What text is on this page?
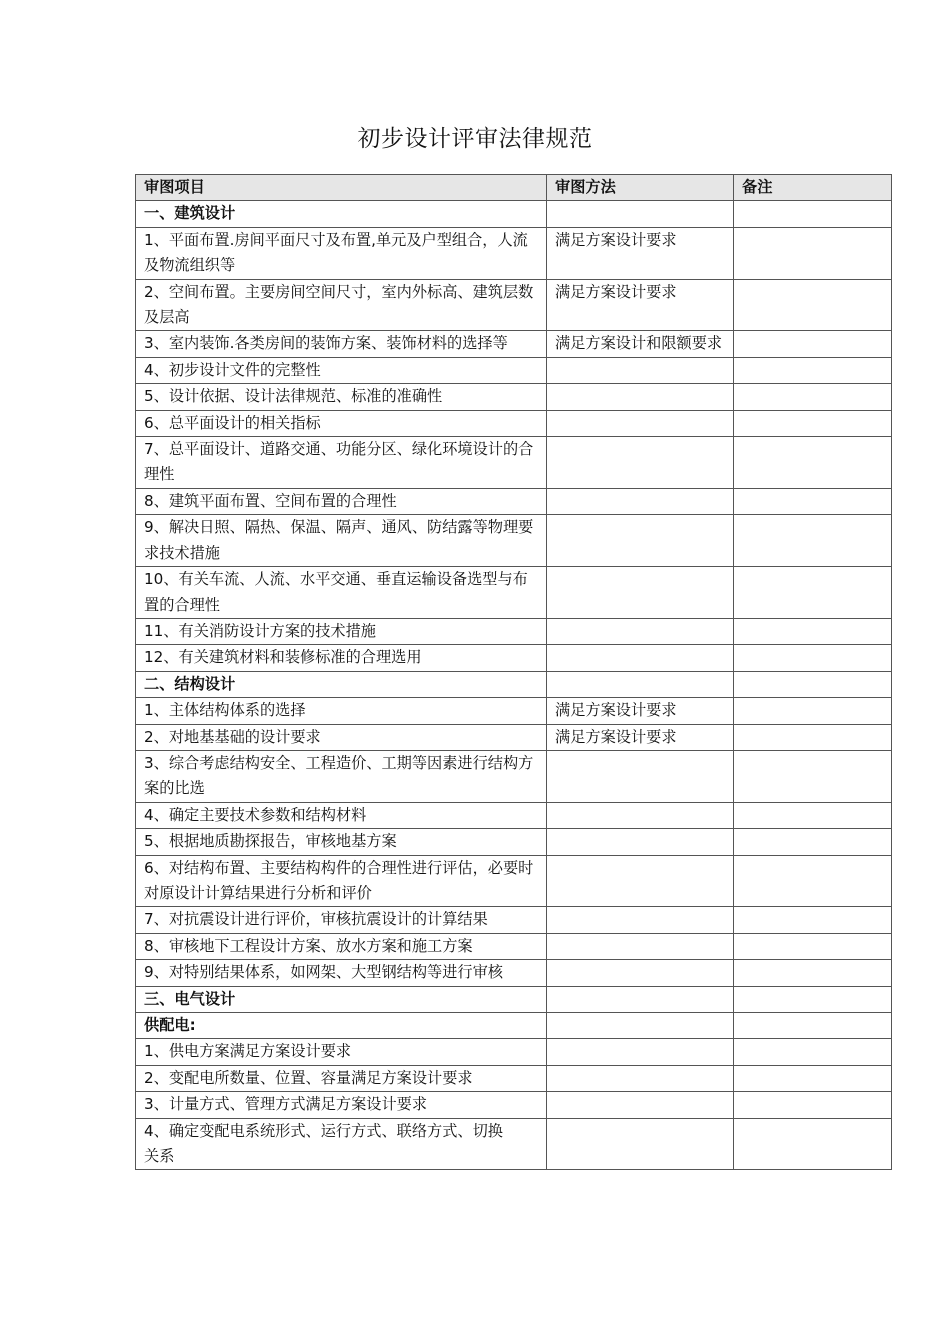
初步设计评审法律规范
审图项目	审图方法	备注
一、建筑设计		
1、平面布置.房间平面尺寸及布置,单元及户型组合，人流及物流组织等	满足方案设计要求	
2、空间布置。主要房间空间尺寸，室内外标高、建筑层数及层高	满足方案设计要求	
3、室内装饰.各类房间的装饰方案、装饰材料的选择等	满足方案设计和限额要求	
4、初步设计文件的完整性		
5、设计依据、设计法律规范、标准的准确性		
6、总平面设计的相关指标		
7、总平面设计、道路交通、功能分区、绿化环境设计的合理性		
8、建筑平面布置、空间布置的合理性		
9、解决日照、隔热、保温、隔声、通风、防结露等物理要求技术措施		
10、有关车流、人流、水平交通、垂直运输设备选型与布置的合理性		
11、有关消防设计方案的技术措施		
12、有关建筑材料和装修标准的合理选用		
二、结构设计		
1、主体结构体系的选择	满足方案设计要求	
2、对地基基础的设计要求	满足方案设计要求	
3、综合考虑结构安全、工程造价、工期等因素进行结构方案的比选		
4、确定主要技术参数和结构材料		
5、根据地质勘探报告，审核地基方案		
6、对结构布置、主要结构构件的合理性进行评估，必要时对原设计计算结果进行分析和评价		
7、对抗震设计进行评价，审核抗震设计的计算结果		
8、审核地下工程设计方案、放水方案和施工方案		
9、对特别结果体系，如网架、大型钢结构等进行审核		
三、电气设计		
供配电:		
1、供电方案满足方案设计要求		
2、变配电所数量、位置、容量满足方案设计要求		
3、计量方式、管理方式满足方案设计要求		
4、确定变配电系统形式、运行方式、联络方式、切换
关系		
